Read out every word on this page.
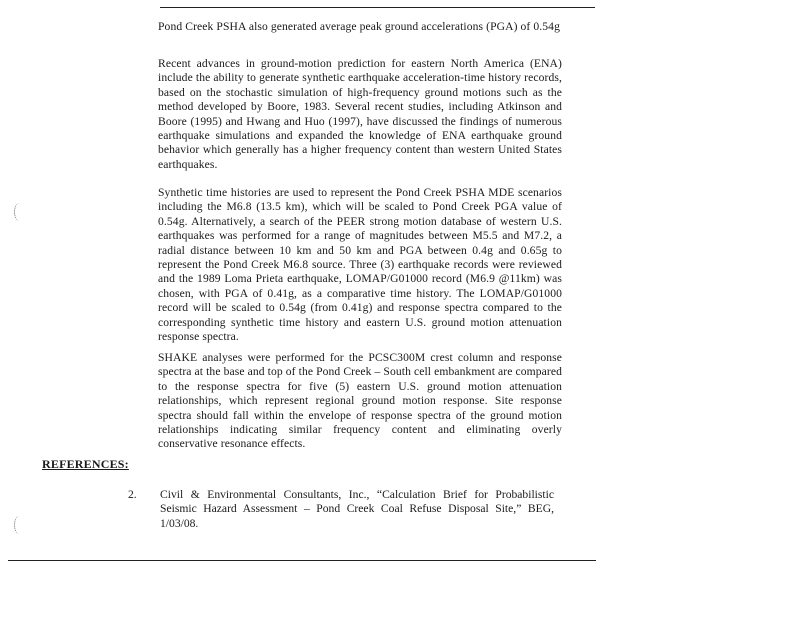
Pond Creek PSHA also generated average peak ground accelerations (PGA) of 0.54g

Recent advances in ground-motion prediction for eastern North America (ENA) include the ability to generate synthetic earthquake acceleration-time history records, based on the stochastic simulation of high-frequency ground motions such as the method developed by Boore, 1983. Several recent studies, including Atkinson and Boore (1995) and Hwang and Huo (1997), have discussed the findings of numerous earthquake simulations and expanded the knowledge of ENA earthquake ground behavior which generally has a higher frequency content than western United States earthquakes.

Synthetic time histories are used to represent the Pond Creek PSHA MDE scenarios including the M6.8 (13.5 km), which will be scaled to Pond Creek PGA value of 0.54g. Alternatively, a search of the PEER strong motion database of western U.S. earthquakes was performed for a range of magnitudes between M5.5 and M7.2, a radial distance between 10 km and 50 km and PGA between 0.4g and 0.65g to represent the Pond Creek M6.8 source. Three (3) earthquake records were reviewed and the 1989 Loma Prieta earthquake, LOMAP/G01000 record (M6.9 @11km) was chosen, with PGA of 0.41g, as a comparative time history. The LOMAP/G01000 record will be scaled to 0.54g (from 0.41g) and response spectra compared to the corresponding synthetic time history and eastern U.S. ground motion attenuation response spectra.

SHAKE analyses were performed for the PCSC300M crest column and response spectra at the base and top of the Pond Creek – South cell embankment are compared to the response spectra for five (5) eastern U.S. ground motion attenuation relationships, which represent regional ground motion response. Site response spectra should fall within the envelope of response spectra of the ground motion relationships indicating similar frequency content and eliminating overly conservative resonance effects.

REFERENCES:
2. Civil & Environmental Consultants, Inc., “Calculation Brief for Probabilistic Seismic Hazard Assessment – Pond Creek Coal Refuse Disposal Site,” BEG, 1/03/08.
